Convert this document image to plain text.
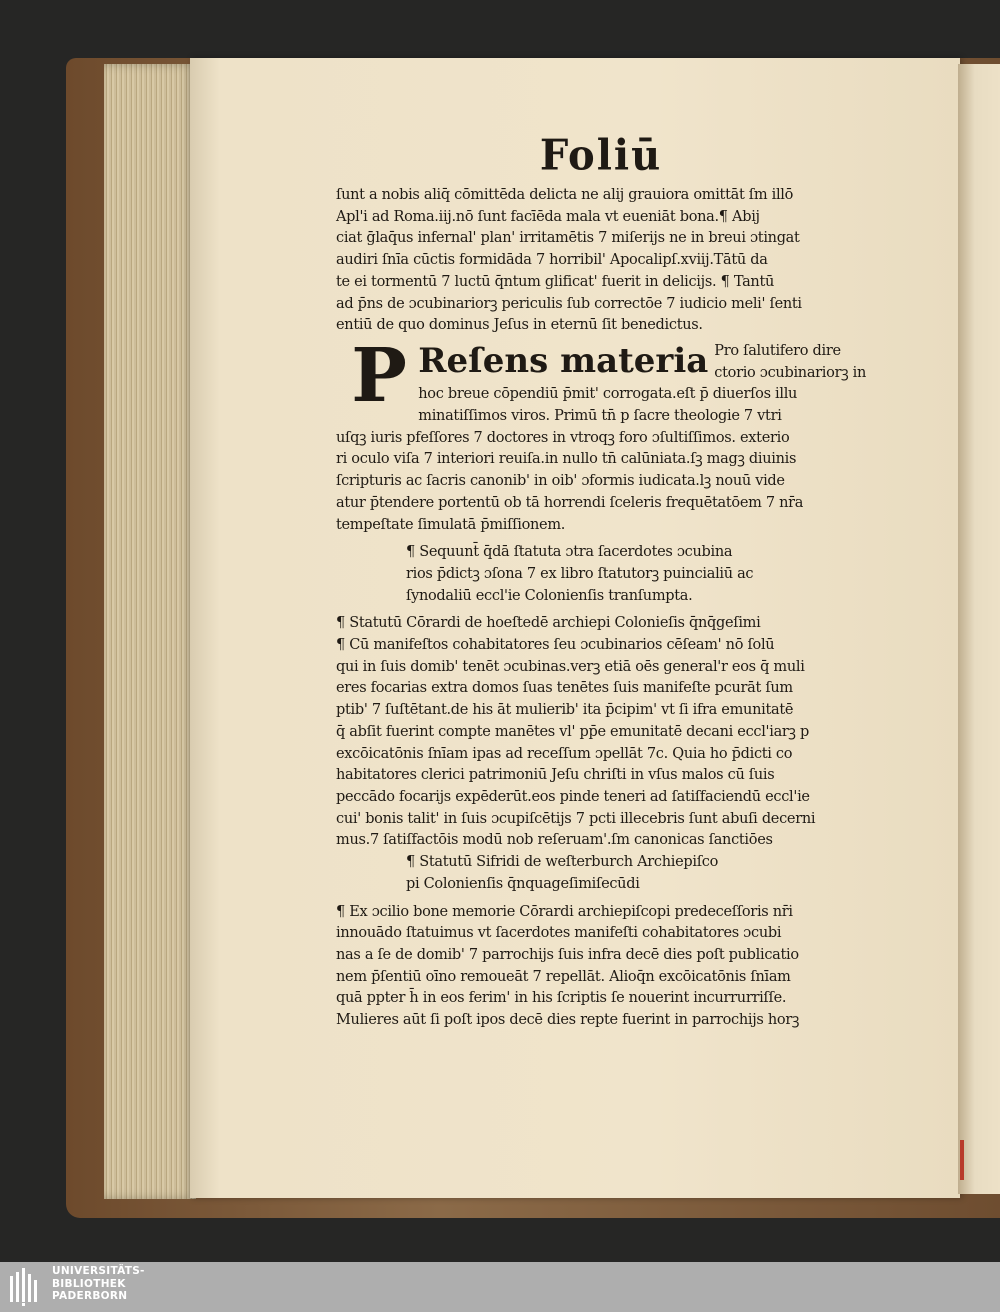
Foliū
ſunt a nobis aliq̄ cōmittēda delicta ne alij grauiora omittāt ſm illō
Apl'i ad Roma.iij.nō ſunt facīēda mala vt eueniāt bona.¶ Abij
ciat ḡlaq̄us infernal' plan' irritamētis 7 miſerijs ne in breui ɔtingat
audiri ſnīa cūctis formidāda 7 horribil' Apocalipſ.xviij.Tātū da
te ei tormentū 7 luctū q̄ntum glificat' fuerit in delicijs. ¶ Tantū
ad p̄ns de ɔcubinariorꝫ periculis ſub correctōe 7 iudicio meli' ſenti
entiū de quo dominus Jeſus in eternū ſit benedictus.
P Reſens materia Pro ſalutifero dire
ctorio ɔcubinariorꝫ in
hoc breue cōpendiū p̄mit' corrogata.eſt p̄ diuerſos illu
minatiſſimos viros. Primū tn̄ p ſacre theologie 7 vtri
uſqꝫ iuris pfeſſores 7 doctores in vtroqꝫ foro ɔſultiſſimos. exterio
ri oculo viſa 7 interiori reuiſa.in nullo tn̄ calūniata.ſꝫ magꝫ diuinis
ſcripturis ac ſacris canonib' in oib' ɔformis iudicata.lꝫ nouū vide
atur p̄tendere portentū ob tā horrendi ſceleris frequētatōem 7 nr̄a
tempeſtate ſimulatā p̄miſſionem.
¶ Sequunt̄ q̄dā ſtatuta ɔtra ſacerdotes ɔcubina
rios p̄dictꝫ ɔſona 7 ex libro ſtatutorꝫ puincialiū ac
ſynodaliū eccl'ie Colonienſis tranſumpta.
¶ Statutū Cōrardi de hoeſtedē archiepi Colonieſis q̄nq̄geſimi
¶ Cū manifeſtos cohabitatores ſeu ɔcubinarios cēſeam' nō ſolū
qui in ſuis domib' tenēt ɔcubinas.verꝫ etiā oēs general'r eos q̄ muli
eres focarias extra domos ſuas tenētes ſuis manifeſte pcurāt ſum
ptib' 7 ſuſtētant.de his āt mulierib' ita p̄cipim' vt ſi ifra emunitatē
q̄ abſit fuerint compte manētes vl' pp̄e emunitatē decani eccl'iarꝫ p
excōicatōnis ſnīam ipas ad receſſum ɔpellāt 7c. Quia ho p̄dicti co
habitatores clerici patrimoniū Jeſu chriſti in vſus malos cū ſuis
peccādo focarijs expēderūt.eos pinde teneri ad ſatiſfaciendū eccl'ie
cui' bonis talit' in ſuis ɔcupiſcētijs 7 pcti illecebris ſunt abuſi decerni
mus.7 ſatiſfactōis modū nob reſeruam'.ſm canonicas ſanctiōes
¶ Statutū Sifridi de weſterburch Archiepiſco
pi Colonienſis q̄nquageſimiſecūdi
¶ Ex ɔcilio bone memorie Cōrardi archiepiſcopi predeceſſoris nr̄i
innouādo ſtatuimus vt ſacerdotes manifeſti cohabitatores ɔcubi
nas a ſe de domib' 7 parrochijs ſuis infra decē dies poſt publicatio
nem p̄ſentiū oīno remoueāt 7 repellāt. Alioq̄n excōicatōnis ſnīam
quā ppter h̄ in eos ferim' in his ſcriptis ſe nouerint incurrurriſſe.
Mulieres aūt ſi poſt ipos decē dies repte fuerint in parrochijs horꝫ
UNIVERSITÄTS-
BIBLIOTHEK
PADERBORN
